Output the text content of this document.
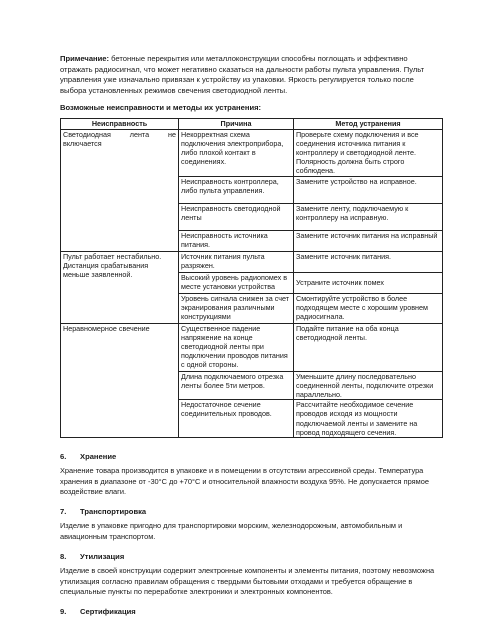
Примечание: бетонные перекрытия или металлоконструкции способны поглощать и эффективно отражать радиосигнал, что может негативно сказаться на дальности работы пульта управления. Пульт управления уже изначально привязан к устройству из упаковки. Яркость регулируется только после выбора установленных режимов свечения светодиодной ленты.

Возможные неисправности и методы их устранения:
Неисправность	Причина	Метод устранения
Светодиодная лента не включается	Некорректная схема подключения электроприбора, либо плохой контакт в соединениях.	Проверьте схему подключения и все соединения источника питания к контроллеру и светодиодной ленте. Полярность должна быть строго соблюдена.
	Неисправность контроллера, либо пульта управления.	Замените устройство на исправное.
	Неисправность светодиодной ленты	Замените ленту, подключаемую к контроллеру на исправную.
	Неисправность источника питания.	Замените источник питания на исправный
Пульт работает нестабильно. Дистанция срабатывания меньше заявленной.	Источник питания пульта разряжен.	Замените источник питания.
	Высокий уровень радиопомех в месте установки устройства	Устраните источник помех
	Уровень сигнала снижен за счет экранирования различными конструкциями	Смонтируйте устройство в более подходящем месте с хорошим уровнем радиосигнала.
Неравномерное свечение	Существенное падение напряжение на конце светодиодной ленты при подключении проводов питания с одной стороны.	Подайте питание на оба конца светодиодной ленты.
	Длина подключаемого отрезка ленты более 5ти метров.	Уменьшите длину последовательно соединенной ленты, подключите отрезки параллельно.
	Недостаточное сечение соединительных проводов.	Рассчитайте необходимое сечение проводов исходя из мощности подключаемой ленты и замените на провод подходящего сечения.
6. Хранение

Хранение товара производится в упаковке и в помещении в отсутствии агрессивной среды. Температура хранения в диапазоне от -30°С до +70°С и относительной влажности воздуха 95%. Не допускается прямое воздействие влаги.

7. Транспортировка

Изделие в упаковке пригодно для транспортировки морским, железнодорожным, автомобильным и авиационным транспортом.

8. Утилизация

Изделие в своей конструкции содержит электронные компоненты и элементы питания, поэтому невозможна утилизация согласно правилам обращения с твердыми бытовыми отходами и требуется обращение в специальные пункты по переработке электроники и электронных компонентов.

9. Сертификация
